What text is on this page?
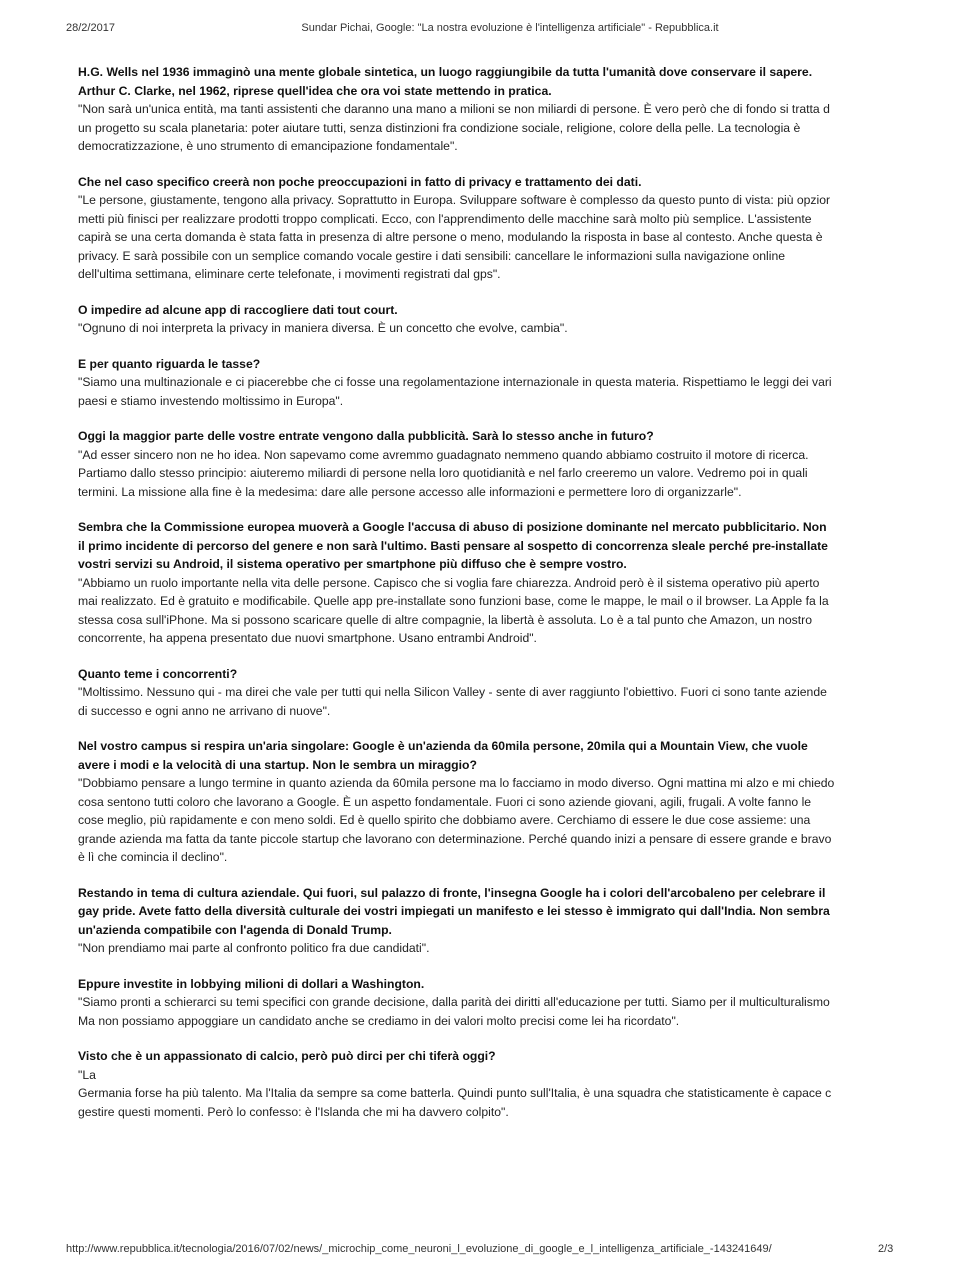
28/2/2017	Sundar Pichai, Google: "La nostra evoluzione è l'intelligenza artificiale" - Repubblica.it

H.G. Wells nel 1936 immaginò una mente globale sintetica, un luogo raggiungibile da tutta l'umanità dove conservare il sapere.
Arthur C. Clarke, nel 1962, riprese quell'idea che ora voi state mettendo in pratica.

"Non sarà un'unica entità, ma tanti assistenti che daranno una mano a milioni se non miliardi di persone. È vero però che di fondo si tratta d
un progetto su scala planetaria: poter aiutare tutti, senza distinzioni fra condizione sociale, religione, colore della pelle. La tecnologia è
democratizzazione, è uno strumento di emancipazione fondamentale".

Che nel caso specifico creerà non poche preoccupazioni in fatto di privacy e trattamento dei dati.

"Le persone, giustamente, tengono alla privacy. Soprattutto in Europa. Sviluppare software è complesso da questo punto di vista: più opzior
metti più finisci per realizzare prodotti troppo complicati. Ecco, con l'apprendimento delle macchine sarà molto più semplice. L'assistente
capirà se una certa domanda è stata fatta in presenza di altre persone o meno, modulando la risposta in base al contesto. Anche questa è
privacy. E sarà possibile con un semplice comando vocale gestire i dati sensibili: cancellare le informazioni sulla navigazione online
dell'ultima settimana, eliminare certe telefonate, i movimenti registrati dal gps".

O impedire ad alcune app di raccogliere dati tout court.

"Ognuno di noi interpreta la privacy in maniera diversa. È un concetto che evolve, cambia".

E per quanto riguarda le tasse?

"Siamo una multinazionale e ci piacerebbe che ci fosse una regolamentazione internazionale in questa materia. Rispettiamo le leggi dei vari
paesi e stiamo investendo moltissimo in Europa".

Oggi la maggior parte delle vostre entrate vengono dalla pubblicità. Sarà lo stesso anche in futuro?

"Ad esser sincero non ne ho idea. Non sapevamo come avremmo guadagnato nemmeno quando abbiamo costruito il motore di ricerca.
Partiamo dallo stesso principio: aiuteremo miliardi di persone nella loro quotidianità e nel farlo creeremo un valore. Vedremo poi in quali
termini. La missione alla fine è la medesima: dare alle persone accesso alle informazioni e permettere loro di organizzarle".

Sembra che la Commissione europea muoverà a Google l'accusa di abuso di posizione dominante nel mercato pubblicitario. Non
il primo incidente di percorso del genere e non sarà l'ultimo. Basti pensare al sospetto di concorrenza sleale perché pre-installate
vostri servizi su Android, il sistema operativo per smartphone più diffuso che è sempre vostro.

"Abbiamo un ruolo importante nella vita delle persone. Capisco che si voglia fare chiarezza. Android però è il sistema operativo più aperto
mai realizzato. Ed è gratuito e modificabile. Quelle app pre-installate sono funzioni base, come le mappe, le mail o il browser. La Apple fa la
stessa cosa sull'iPhone. Ma si possono scaricare quelle di altre compagnie, la libertà è assoluta. Lo è a tal punto che Amazon, un nostro
concorrente, ha appena presentato due nuovi smartphone. Usano entrambi Android".

Quanto teme i concorrenti?

"Moltissimo. Nessuno qui - ma direi che vale per tutti qui nella Silicon Valley - sente di aver raggiunto l'obiettivo. Fuori ci sono tante aziende
di successo e ogni anno ne arrivano di nuove".

Nel vostro campus si respira un'aria singolare: Google è un'azienda da 60mila persone, 20mila qui a Mountain View, che vuole
avere i modi e la velocità di una startup. Non le sembra un miraggio?

"Dobbiamo pensare a lungo termine in quanto azienda da 60mila persone ma lo facciamo in modo diverso. Ogni mattina mi alzo e mi chiedo
cosa sentono tutti coloro che lavorano a Google. È un aspetto fondamentale. Fuori ci sono aziende giovani, agili, frugali. A volte fanno le
cose meglio, più rapidamente e con meno soldi. Ed è quello spirito che dobbiamo avere. Cerchiamo di essere le due cose assieme: una
grande azienda ma fatta da tante piccole startup che lavorano con determinazione. Perché quando inizi a pensare di essere grande e bravo
è lì che comincia il declino".

Restando in tema di cultura aziendale. Qui fuori, sul palazzo di fronte, l'insegna Google ha i colori dell'arcobaleno per celebrare il
gay pride. Avete fatto della diversità culturale dei vostri impiegati un manifesto e lei stesso è immigrato qui dall'India. Non sembra
un'azienda compatibile con l'agenda di Donald Trump.

"Non prendiamo mai parte al confronto politico fra due candidati".

Eppure investite in lobbying milioni di dollari a Washington.

"Siamo pronti a schierarci su temi specifici con grande decisione, dalla parità dei diritti all'educazione per tutti. Siamo per il multiculturalismo
Ma non possiamo appoggiare un candidato anche se crediamo in dei valori molto precisi come lei ha ricordato".

Visto che è un appassionato di calcio, però può dirci per chi tiferà oggi?

"La
Germania forse ha più talento. Ma l'Italia da sempre sa come batterla. Quindi punto sull'Italia, è una squadra che statisticamente è capace c
gestire questi momenti. Però lo confesso: è l'Islanda che mi ha davvero colpito".

http://www.repubblica.it/tecnologia/2016/07/02/news/_microchip_come_neuroni_l_evoluzione_di_google_e_l_intelligenza_artificiale_-143241649/	2/3
